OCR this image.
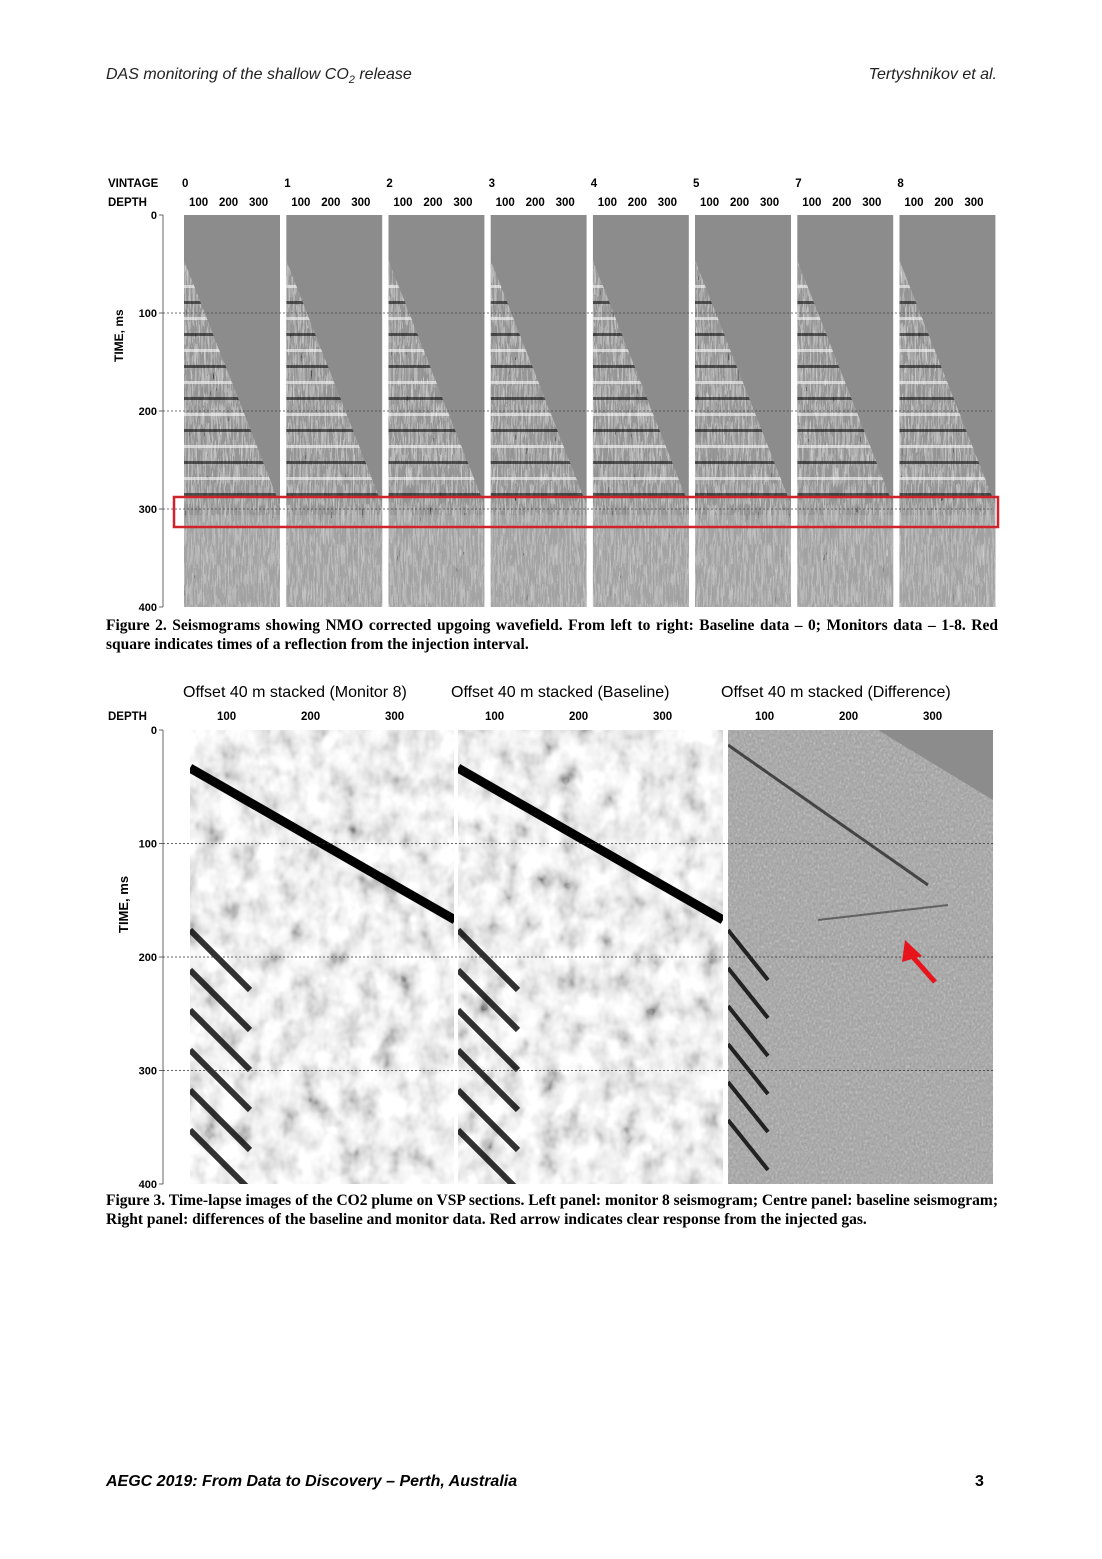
DAS monitoring of the shallow $CO_2$ release	Tertyshnikov et al.
VINTAGE
DEPTH
0	1	2	3	4	5	7	8
100 200 300 100 200 300 100 200 300 100 200 300 100 200 300 100 200 300 100 200 300 100 200 300
0
100
200
300
400
TIME, ms
Figure 2. Seismograms showing NMO corrected upgoing wavefield. From left to right: Baseline data – 0; Monitors data – 1-8. Red square indicates times of a reflection from the injection interval.
Offset 40 m stacked (Monitor 8)	Offset 40 m stacked (Baseline)	Offset 40 m stacked (Difference)
DEPTH	100	200	300	100	200	300	100	200	300
0
100
200
300
400
TIME, ms
Figure 3. Time-lapse images of the CO2 plume on VSP sections. Left panel: monitor 8 seismogram; Centre panel: baseline seismogram; Right panel: differences of the baseline and monitor data. Red arrow indicates clear response from the injected gas.
AEGC 2019: From Data to Discovery – Perth, Australia	3
